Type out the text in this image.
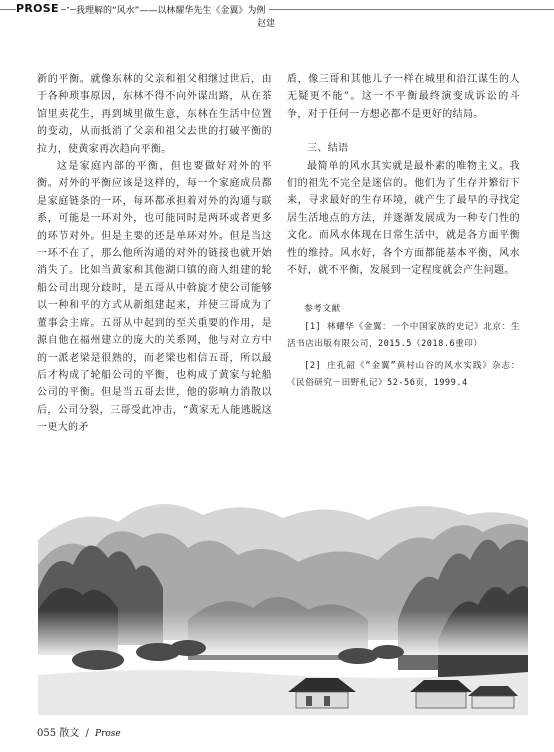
PROSE · 我理解的“风水”——以林耀华先生《金翼》为例
赵建

新的平衡。就像东林的父亲和祖父相继过世后，由于各种琐事原因，东林不得不向外谋出路，从在茶馆里卖花生，再到城里做生意，东林在生活中位置的变动，从而抵消了父亲和祖父去世的打破平衡的拉力，使黄家再次趋向平衡。

这是家庭内部的平衡，但也要做好对外的平衡。对外的平衡应该是这样的，每一个家庭成员都是家庭链条的一环，每环都承担着对外的沟通与联系，可能是一环对外，也可能同时是两环或者更多的环节对外。但是主要的还是单环对外。但是当这一环不在了，那么他所沟通的对外的链接也就开始消失了。比如当黄家和其他湖口镇的商人组建的轮船公司出现分歧时，是五哥从中斡旋才使公司能够以一种和平的方式从新组建起来，并使三哥成为了董事会主席。五哥从中起到的至关重要的作用，是源自他在福州建立的庞大的关系网，他与对立方中的一派老梁是很熟的，而老梁也相信五哥，所以最后才构成了轮船公司的平衡，也构成了黄家与轮船公司的平衡。但是当五哥去世，他的影响力消散以后，公司分裂，三哥受此冲击，“黄家无人能逃脱这一更大的矛

盾，像三哥和其他儿子一样在城里和沿江谋生的人无疑更不能”。这一不平衡最终演变成诉讼的斗争，对于任何一方想必都不是更好的结局。

三、结语

最简单的风水其实就是最朴素的唯物主义。我们的祖先不完全是迷信的。他们为了生存并繁衍下来，寻求最好的生存环境，就产生了最早的寻找定居生活地点的方法，并逐渐发展成为一种专门性的文化。而风水体现在日常生活中，就是各方面平衡性的维持。风水好，各个方面都能基本平衡，风水不好，就不平衡，发展到一定程度就会产生问题。

参考文献

[1] 林耀华《金翼：一个中国家族的史记》北京：生活书店出版有限公司，2015.5（2018.6重印）

[2] 庄孔韶《“金翼”黄村山谷的风水实践》杂志：《民俗研究－田野札记》52-56页，1999.4

055 散文 / Prose
